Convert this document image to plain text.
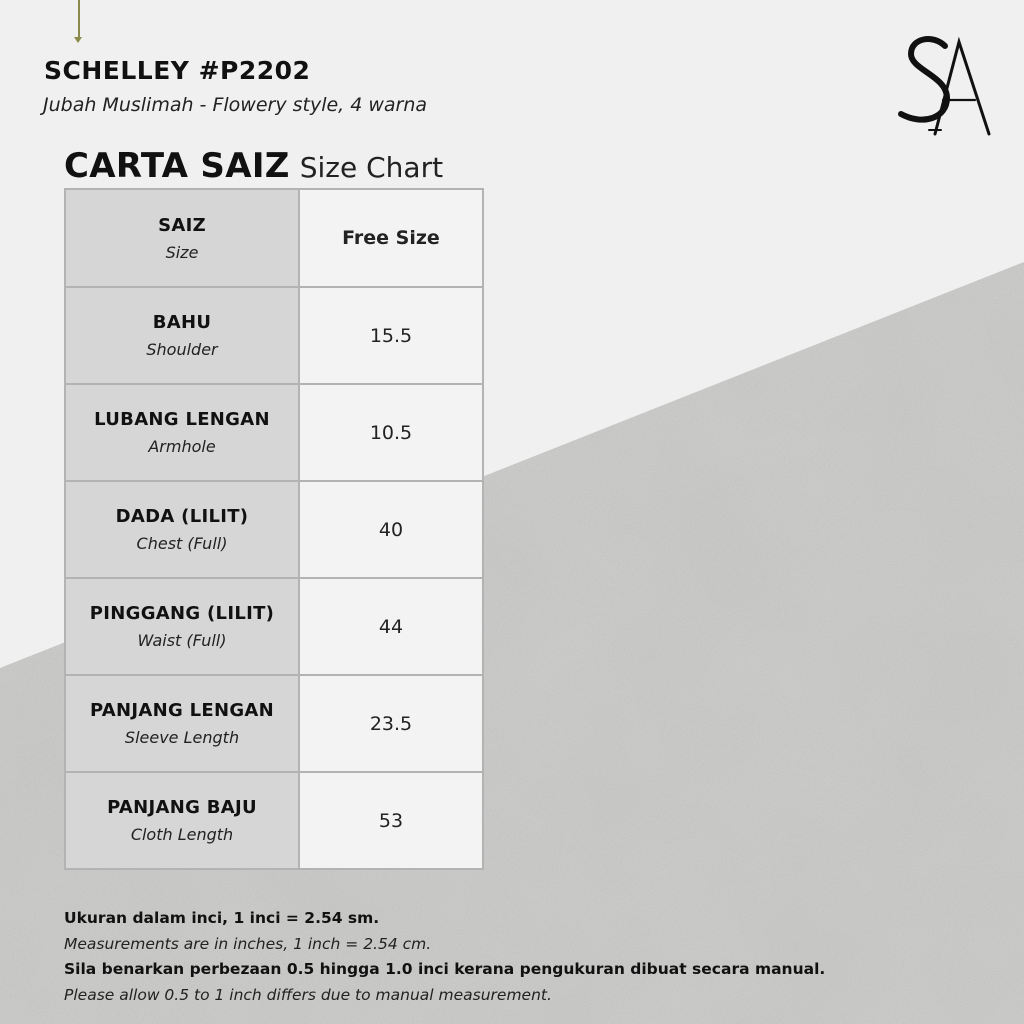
SCHELLEY #P2202
Jubah Muslimah - Flowery style, 4 warna
CARTA SAIZ Size Chart
SAIZ
Size	Free Size

BAHU
Shoulder	15.5

LUBANG LENGAN
Armhole	10.5

DADA (LILIT)
Chest (Full)	40

PINGGANG (LILIT)
Waist (Full)	44

PANJANG LENGAN
Sleeve Length	23.5

PANJANG BAJU
Cloth Length	53
Ukuran dalam inci, 1 inci = 2.54 sm.
Measurements are in inches, 1 inch = 2.54 cm.
Sila benarkan perbezaan 0.5 hingga 1.0 inci kerana pengukuran dibuat secara manual.
Please allow 0.5 to 1 inch differs due to manual measurement.
